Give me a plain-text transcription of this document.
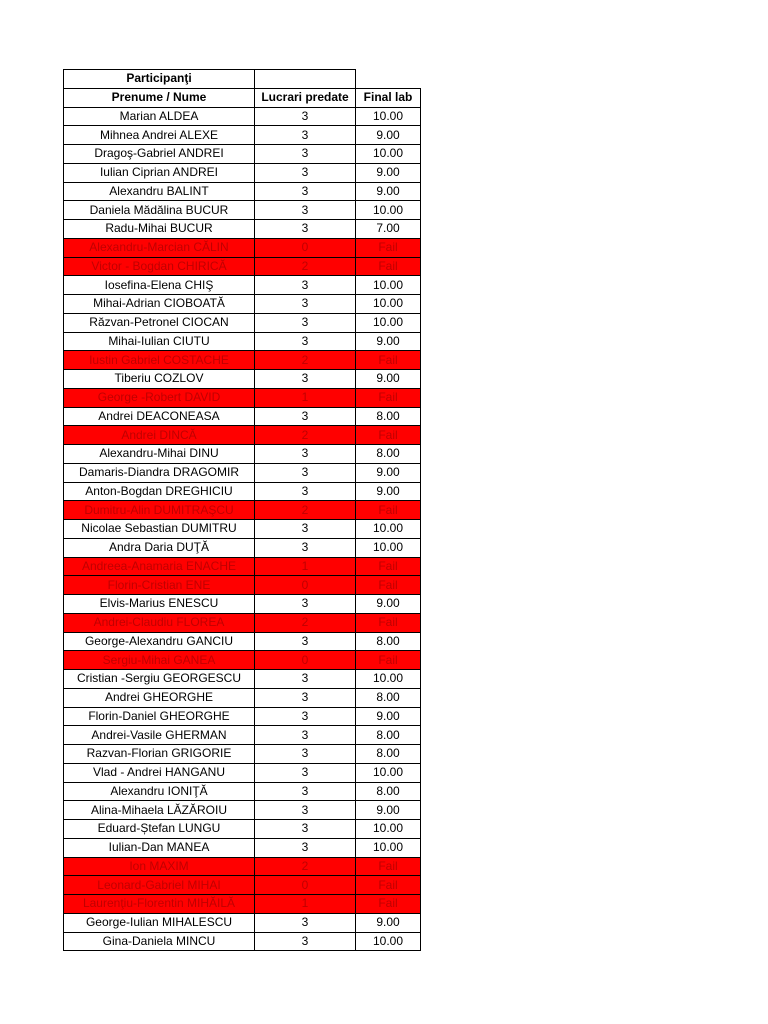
Participanţi		
Prenume / Nume	Lucrari predate	Final lab
Marian ALDEA	3	10.00
Mihnea Andrei ALEXE	3	9.00
Dragoş-Gabriel ANDREI	3	10.00
Iulian Ciprian ANDREI	3	9.00
Alexandru BALINT	3	9.00
Daniela Mădălina BUCUR	3	10.00
Radu-Mihai BUCUR	3	7.00
Alexandru-Marcian CĂLIN	0	Fail
Victor - Bogdan CHIRICĂ	2	Fail
Iosefina-Elena CHIŞ	3	10.00
Mihai-Adrian CIOBOATĂ	3	10.00
Răzvan-Petronel CIOCAN	3	10.00
Mihai-Iulian CIUTU	3	9.00
Iustin Gabriel COSTACHE	2	Fail
Tiberiu COZLOV	3	9.00
George -Robert DAVID	1	Fail
Andrei DEACONEASA	3	8.00
Andrei DINCĂ	2	Fail
Alexandru-Mihai DINU	3	8.00
Damaris-Diandra DRAGOMIR	3	9.00
Anton-Bogdan DREGHICIU	3	9.00
Dumitru-Alin DUMITRAŞCU	2	Fail
Nicolae Sebastian DUMITRU	3	10.00
Andra Daria DUŢĂ	3	10.00
Andreea-Anamaria ENACHE	1	Fail
Florin-Cristian ENE	0	Fail
Elvis-Marius ENESCU	3	9.00
Andrei-Claudiu FLOREA	2	Fail
George-Alexandru GANCIU	3	8.00
Sergiu-Mihai GANEA	0	Fail
Cristian -Sergiu GEORGESCU	3	10.00
Andrei GHEORGHE	3	8.00
Florin-Daniel GHEORGHE	3	9.00
Andrei-Vasile GHERMAN	3	8.00
Razvan-Florian GRIGORIE	3	8.00
Vlad - Andrei HANGANU	3	10.00
Alexandru IONIŢĂ	3	8.00
Alina-Mihaela LĂZĂROIU	3	9.00
Eduard-Ștefan LUNGU	3	10.00
Iulian-Dan MANEA	3	10.00
Ion MAXIM	2	Fail
Leonard-Gabriel MIHAI	0	Fail
Laurenţiu-Florentin MIHĂILĂ	1	Fail
George-Iulian MIHALESCU	3	9.00
Gina-Daniela MINCU	3	10.00
